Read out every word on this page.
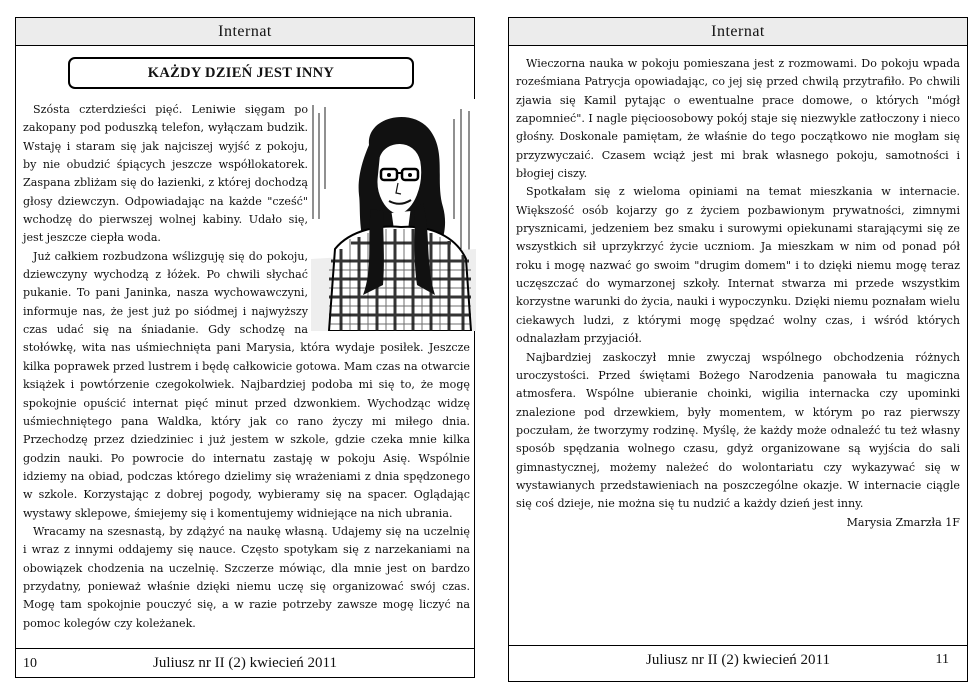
Internat
KAŻDY DZIEŃ JEST INNY

Szósta czterdzieści pięć. Leniwie sięgam po zakopany pod poduszką telefon, wyłączam budzik. Wstaję i staram się jak najciszej wyjść z pokoju, by nie obudzić śpiących jeszcze współlokatorek. Zaspana zbliżam się do łazienki, z której dochodzą głosy dziewczyn. Odpowiadając na każde "cześć" wchodzę do pierwszej wolnej kabiny. Udało się, jest jeszcze ciepła woda.

Już całkiem rozbudzona wślizguję się do pokoju, dziewczyny wychodzą z łóżek. Po chwili słychać pukanie. To pani Janinka, nasza wychowawczyni, informuje nas, że jest już po siódmej i najwyższy czas udać się na śniadanie. Gdy schodzę na stołówkę, wita nas uśmiechnięta pani Marysia, która wydaje posiłek. Jeszcze kilka poprawek przed lustrem i będę całkowicie gotowa. Mam czas na otwarcie książek i powtórzenie czegokolwiek. Najbardziej podoba mi się to, że mogę spokojnie opuścić internat pięć minut przed dzwonkiem. Wychodząc widzę uśmiechniętego pana Waldka, który jak co rano życzy mi miłego dnia. Przechodzę przez dziedziniec i już jestem w szkole, gdzie czeka mnie kilka godzin nauki. Po powrocie do internatu zastaję w pokoju Asię. Wspólnie idziemy na obiad, podczas którego dzielimy się wrażeniami z dnia spędzonego w szkole. Korzystając z dobrej pogody, wybieramy się na spacer. Oglądając wystawy sklepowe, śmiejemy się i komentujemy widniejące na nich ubrania.

Wracamy na szesnastą, by zdążyć na naukę własną. Udajemy się na uczelnię i wraz z innymi oddajemy się nauce. Często spotykam się z narzekaniami na obowiązek chodzenia na uczelnię. Szczerze mówiąc, dla mnie jest on bardzo przydatny, ponieważ właśnie dzięki niemu uczę się organizować swój czas. Mogę tam spokojnie pouczyć się, a w razie potrzeby zawsze mogę liczyć na pomoc kolegów czy koleżanek.

10	Juliusz nr II (2) kwiecień 2011
Internat

Wieczorna nauka w pokoju pomieszana jest z rozmowami. Do pokoju wpada roześmiana Patrycja opowiadając, co jej się przed chwilą przytrafiło. Po chwili zjawia się Kamil pytając o ewentualne prace domowe, o których "mógł zapomnieć". I nagle pięcioosobowy pokój staje się niezwykle zatłoczony i nieco głośny. Doskonale pamiętam, że właśnie do tego początkowo nie mogłam się przyzwyczaić. Czasem wciąż jest mi brak własnego pokoju, samotności i błogiej ciszy.

Spotkałam się z wieloma opiniami na temat mieszkania w internacie. Większość osób kojarzy go z życiem pozbawionym prywatności, zimnymi prysznicami, jedzeniem bez smaku i surowymi opiekunami starającymi się ze wszystkich sił uprzykrzyć życie uczniom. Ja mieszkam w nim od ponad pół roku i mogę nazwać go swoim "drugim domem" i to dzięki niemu mogę teraz uczęszczać do wymarzonej szkoły. Internat stwarza mi przede wszystkim korzystne warunki do życia, nauki i wypoczynku. Dzięki niemu poznałam wielu ciekawych ludzi, z którymi mogę spędzać wolny czas, i wśród których odnalazłam przyjaciół.

Najbardziej zaskoczył mnie zwyczaj wspólnego obchodzenia różnych uroczystości. Przed świętami Bożego Narodzenia panowała tu magiczna atmosfera. Wspólne ubieranie choinki, wigilia internacka czy upominki znalezione pod drzewkiem, były momentem, w którym po raz pierwszy poczułam, że tworzymy rodzinę. Myślę, że każdy może odnaleźć tu też własny sposób spędzania wolnego czasu, gdyż organizowane są wyjścia do sali gimnastycznej, możemy należeć do wolontariatu czy wykazywać się w wystawianych przedstawieniach na poszczególne okazje. W internacie ciągle się coś dzieje, nie można się tu nudzić a każdy dzień jest inny.

Marysia Zmarzła 1F
Juliusz nr II (2) kwiecień 2011	11
